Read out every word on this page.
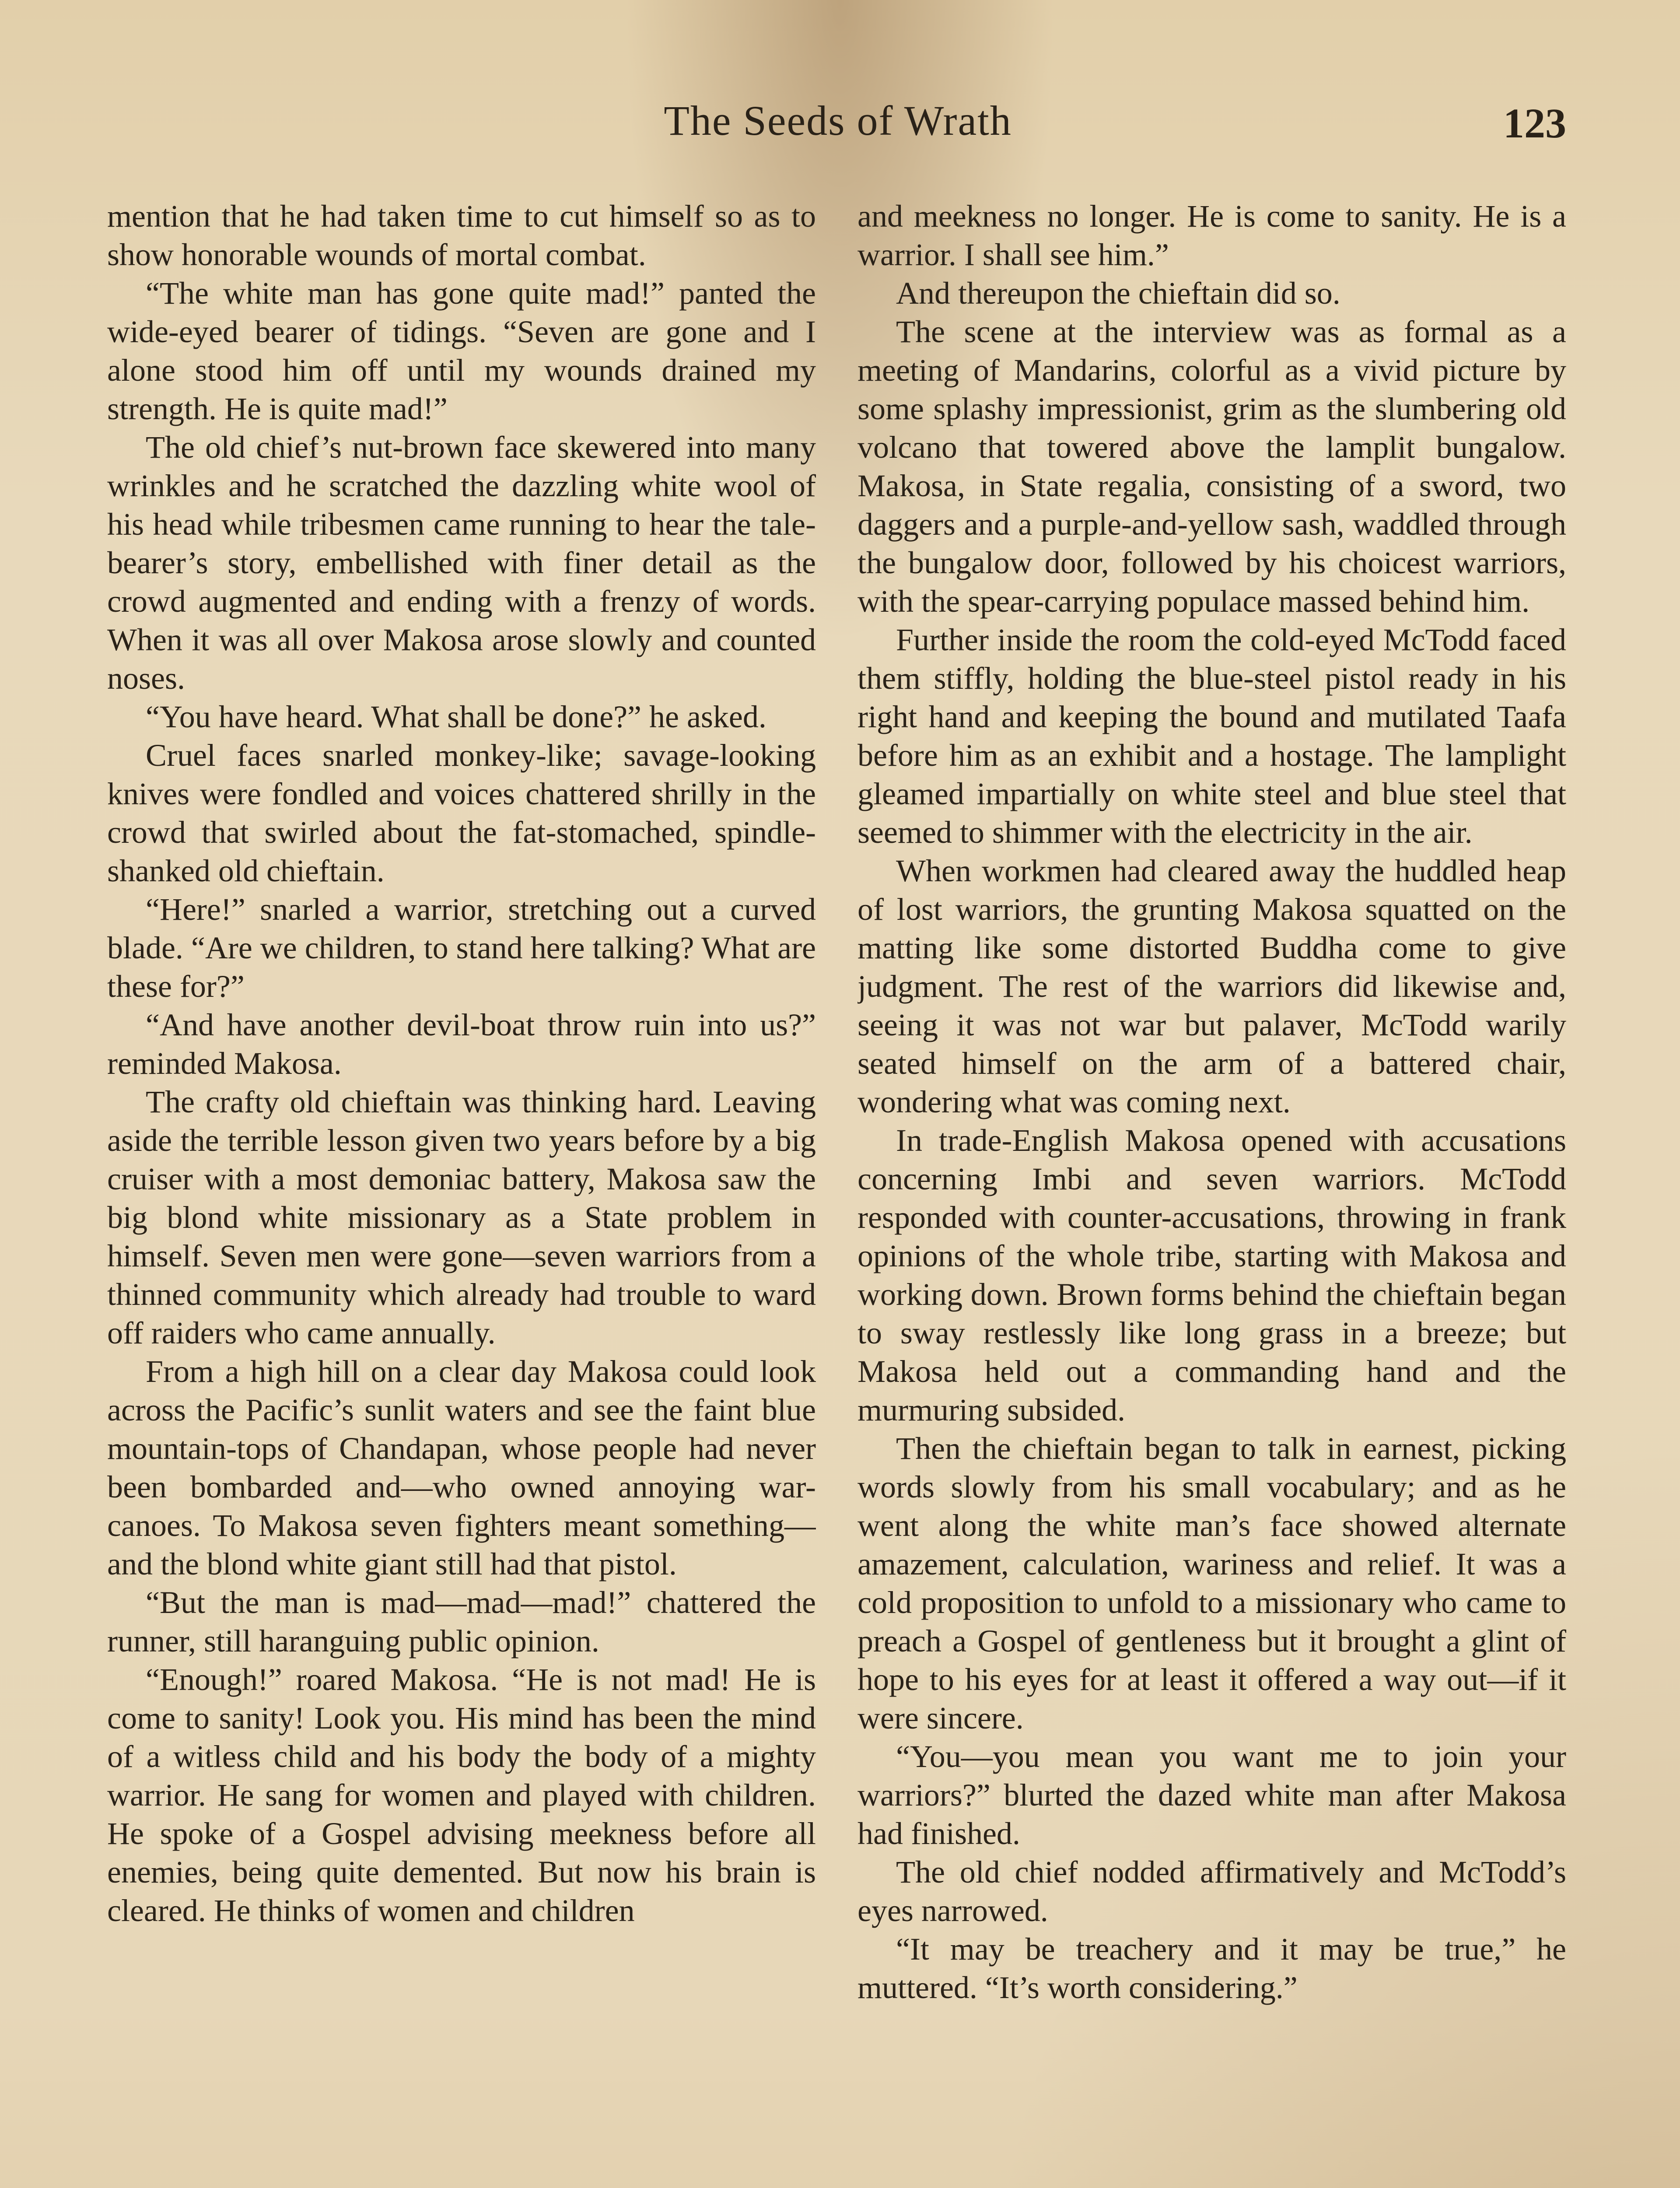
The Seeds of Wrath	123

mention that he had taken time to cut himself so as to show honorable wounds of mortal combat.

“The white man has gone quite mad!” panted the wide-eyed bearer of tidings. “Seven are gone and I alone stood him off until my wounds drained my strength. He is quite mad!”

The old chief’s nut-brown face skewered into many wrinkles and he scratched the dazzling white wool of his head while tribesmen came running to hear the tale-bearer’s story, embellished with finer detail as the crowd augmented and ending with a frenzy of words. When it was all over Makosa arose slowly and counted noses.

“You have heard. What shall be done?” he asked.

Cruel faces snarled monkey-like; savage-looking knives were fondled and voices chattered shrilly in the crowd that swirled about the fat-stomached, spindle-shanked old chieftain.

“Here!” snarled a warrior, stretching out a curved blade. “Are we children, to stand here talking? What are these for?”

“And have another devil-boat throw ruin into us?” reminded Makosa.

The crafty old chieftain was thinking hard. Leaving aside the terrible lesson given two years before by a big cruiser with a most demoniac battery, Makosa saw the big blond white missionary as a State problem in himself. Seven men were gone—seven warriors from a thinned community which already had trouble to ward off raiders who came annually.

From a high hill on a clear day Makosa could look across the Pacific’s sunlit waters and see the faint blue mountain-tops of Chandapan, whose people had never been bombarded and—who owned annoying war-canoes. To Makosa seven fighters meant something—and the blond white giant still had that pistol.

“But the man is mad—mad—mad!” chattered the runner, still haranguing public opinion.

“Enough!” roared Makosa. “He is not mad! He is come to sanity! Look you. His mind has been the mind of a witless child and his body the body of a mighty warrior. He sang for women and played with children. He spoke of a Gospel advising meekness before all enemies, being quite demented. But now his brain is cleared. He thinks of women and children

and meekness no longer. He is come to sanity. He is a warrior. I shall see him.”

And thereupon the chieftain did so.

The scene at the interview was as formal as a meeting of Mandarins, colorful as a vivid picture by some splashy impressionist, grim as the slumbering old volcano that towered above the lamplit bungalow. Makosa, in State regalia, consisting of a sword, two daggers and a purple-and-yellow sash, waddled through the bungalow door, followed by his choicest warriors, with the spear-carrying populace massed behind him.

Further inside the room the cold-eyed McTodd faced them stiffly, holding the blue-steel pistol ready in his right hand and keeping the bound and mutilated Taafa before him as an exhibit and a hostage. The lamplight gleamed impartially on white steel and blue steel that seemed to shimmer with the electricity in the air.

When workmen had cleared away the huddled heap of lost warriors, the grunting Makosa squatted on the matting like some distorted Buddha come to give judgment. The rest of the warriors did likewise and, seeing it was not war but palaver, McTodd warily seated himself on the arm of a battered chair, wondering what was coming next.

In trade-English Makosa opened with accusations concerning Imbi and seven warriors. McTodd responded with counter-accusations, throwing in frank opinions of the whole tribe, starting with Makosa and working down. Brown forms behind the chieftain began to sway restlessly like long grass in a breeze; but Makosa held out a commanding hand and the murmuring subsided.

Then the chieftain began to talk in earnest, picking words slowly from his small vocabulary; and as he went along the white man’s face showed alternate amazement, calculation, wariness and relief. It was a cold proposition to unfold to a missionary who came to preach a Gospel of gentleness but it brought a glint of hope to his eyes for at least it offered a way out—if it were sincere.

“You—you mean you want me to join your warriors?” blurted the dazed white man after Makosa had finished.

The old chief nodded affirmatively and McTodd’s eyes narrowed.

“It may be treachery and it may be true,” he muttered. “It’s worth considering.”
